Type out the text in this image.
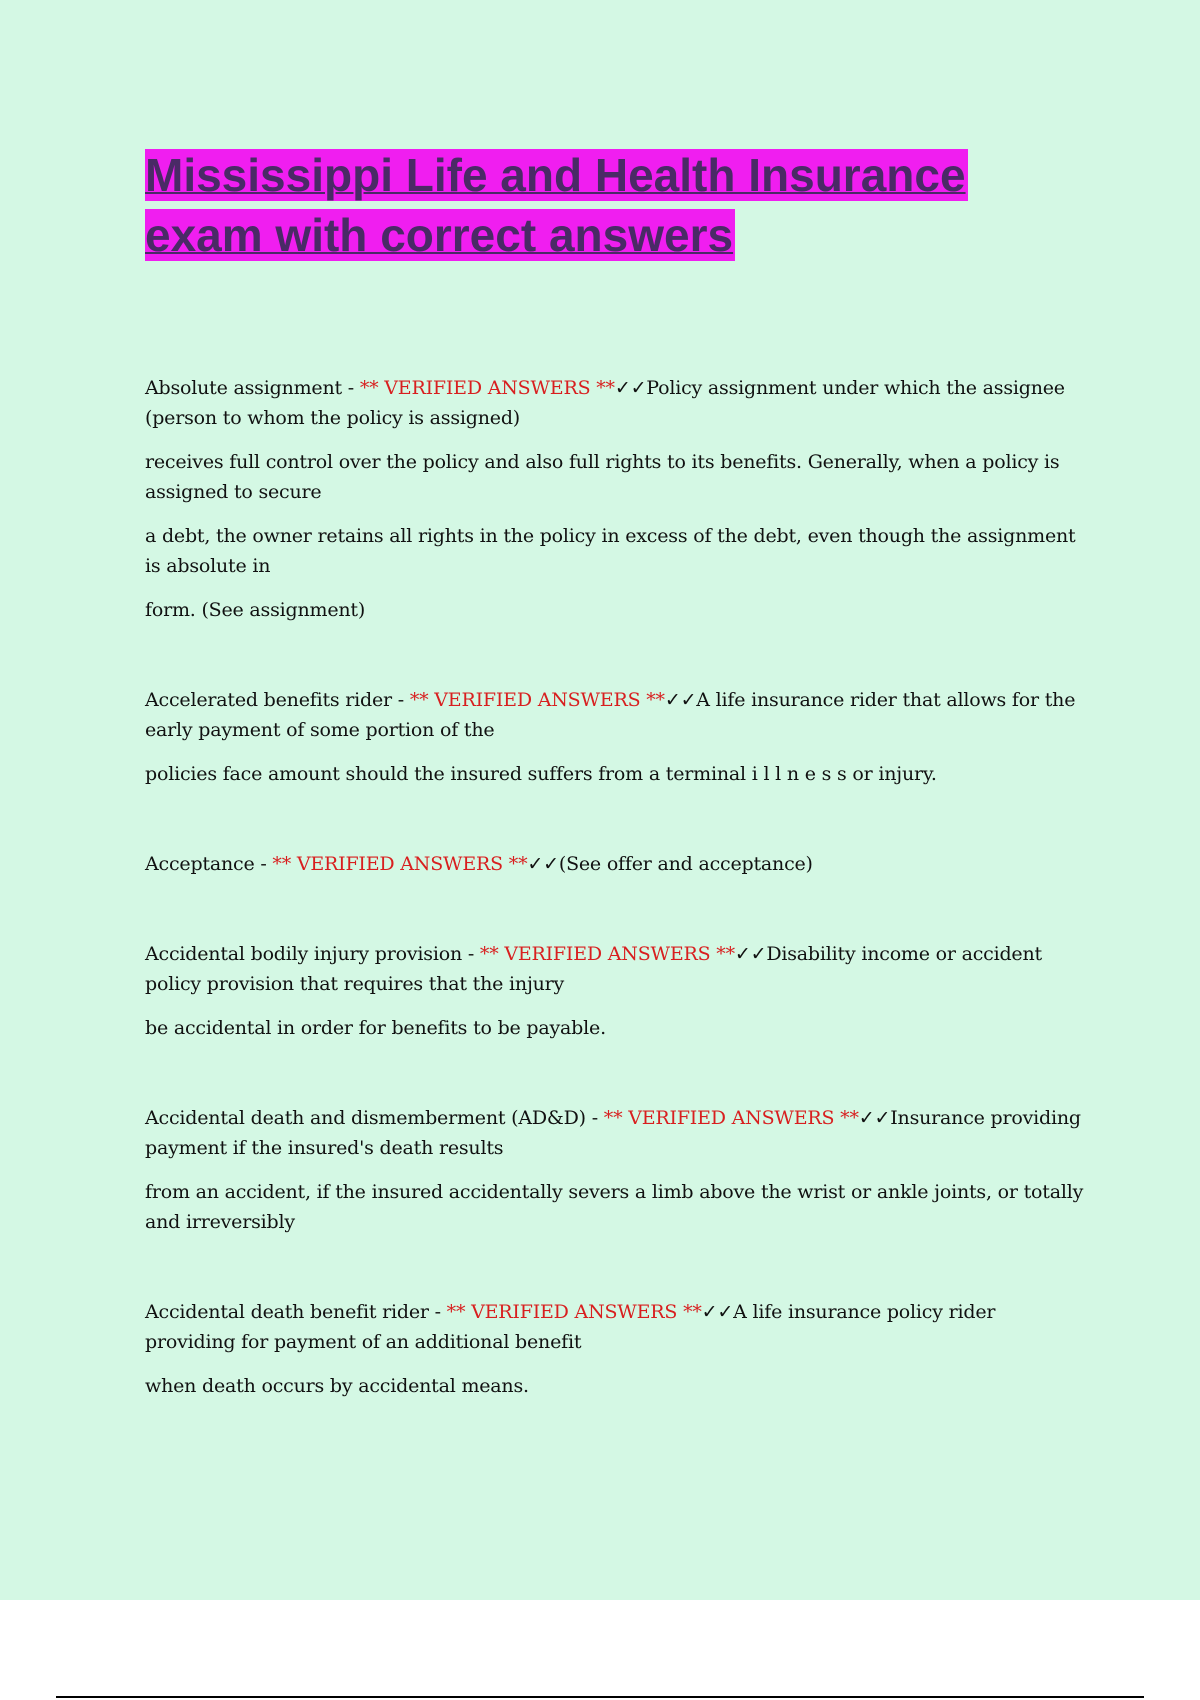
Mississippi Life and Health Insurance
exam with correct answers

Absolute assignment - ** VERIFIED ANSWERS **✓✓Policy assignment under which the assignee (person to whom the policy is assigned)

receives full control over the policy and also full rights to its benefits. Generally, when a policy is assigned to secure

a debt, the owner retains all rights in the policy in excess of the debt, even though the assignment is absolute in

form. (See assignment)

Accelerated benefits rider - ** VERIFIED ANSWERS **✓✓A life insurance rider that allows for the early payment of some portion of the

policies face amount should the insured suffers from a terminal i l l n e s s or injury.

Acceptance - ** VERIFIED ANSWERS **✓✓(See offer and acceptance)

Accidental bodily injury provision - ** VERIFIED ANSWERS **✓✓Disability income or accident policy provision that requires that the injury

be accidental in order for benefits to be payable.

Accidental death and dismemberment (AD&D) - ** VERIFIED ANSWERS **✓✓Insurance providing payment if the insured's death results

from an accident, if the insured accidentally severs a limb above the wrist or ankle joints, or totally and irreversibly

Accidental death benefit rider - ** VERIFIED ANSWERS **✓✓A life insurance policy rider providing for payment of an additional benefit

when death occurs by accidental means.
